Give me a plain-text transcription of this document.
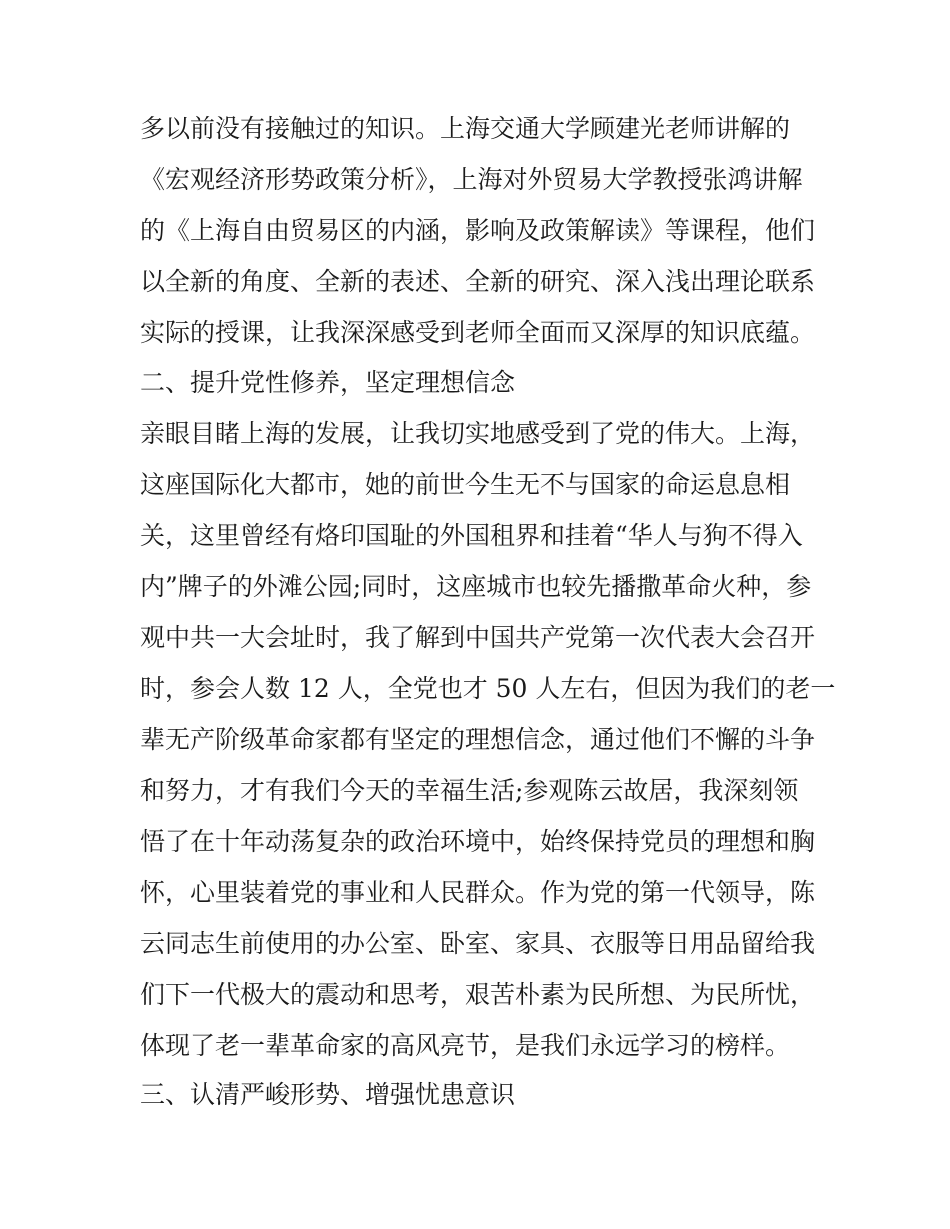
多以前没有接触过的知识。上海交通大学顾建光老师讲解的
《宏观经济形势政策分析》，上海对外贸易大学教授张鸿讲解
的《上海自由贸易区的内涵，影响及政策解读》等课程，他们
以全新的角度、全新的表述、全新的研究、深入浅出理论联系
实际的授课，让我深深感受到老师全面而又深厚的知识底蕴。
二、提升党性修养，坚定理想信念
亲眼目睹上海的发展，让我切实地感受到了党的伟大。上海，
这座国际化大都市，她的前世今生无不与国家的命运息息相
关，这里曾经有烙印国耻的外国租界和挂着“华人与狗不得入
内”牌子的外滩公园;同时，这座城市也较先播撒革命火种，参
观中共一大会址时，我了解到中国共产党第一次代表大会召开
时，参会人数 12 人，全党也才 50 人左右，但因为我们的老一
辈无产阶级革命家都有坚定的理想信念，通过他们不懈的斗争
和努力，才有我们今天的幸福生活;参观陈云故居，我深刻领
悟了在十年动荡复杂的政治环境中，始终保持党员的理想和胸
怀，心里装着党的事业和人民群众。作为党的第一代领导，陈
云同志生前使用的办公室、卧室、家具、衣服等日用品留给我
们下一代极大的震动和思考，艰苦朴素为民所想、为民所忧，
体现了老一辈革命家的高风亮节，是我们永远学习的榜样。
三、认清严峻形势、增强忧患意识
